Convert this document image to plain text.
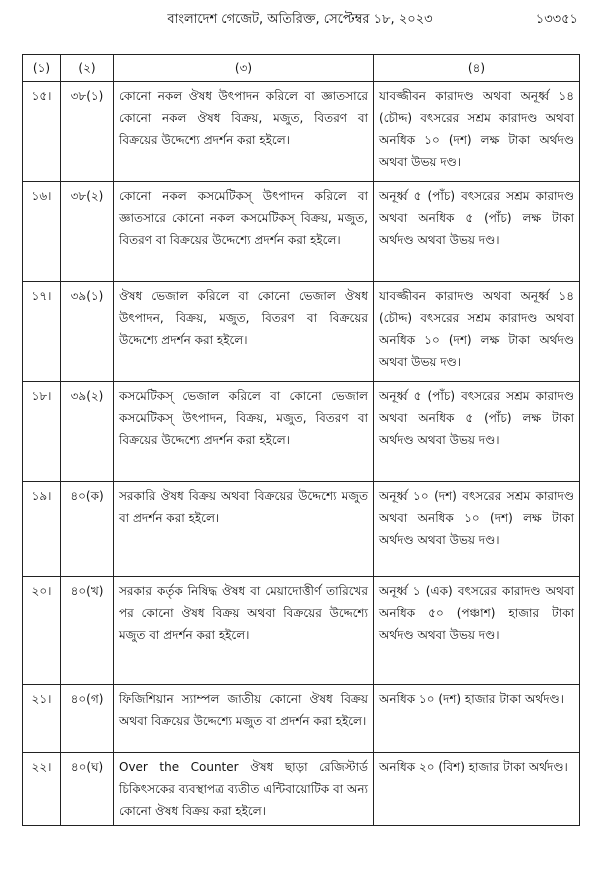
বাংলাদেশ গেজেট, অতিরিক্ত, সেপ্টেম্বর ১৮, ২০২৩	১৩৩৫১
(১)	(২)	(৩)	(৪)
১৫।	৩৮(১)	কোনো নকল ঔষধ উৎপাদন করিলে বা জ্ঞাতসারে কোনো নকল ঔষধ বিক্রয়, মজুত, বিতরণ বা বিক্রয়ের উদ্দেশ্যে প্রদর্শন করা হইলে।	যাবজ্জীবন কারাদণ্ড অথবা অনূর্ধ্ব ১৪ (চৌদ্দ) বৎসরের সশ্রম কারাদণ্ড অথবা অনধিক ১০ (দশ) লক্ষ টাকা অর্থদণ্ড অথবা উভয় দণ্ড।
১৬।	৩৮(২)	কোনো নকল কসমেটিকস্ উৎপাদন করিলে বা জ্ঞাতসারে কোনো নকল কসমেটিকস্ বিক্রয়, মজুত, বিতরণ বা বিক্রয়ের উদ্দেশ্যে প্রদর্শন করা হইলে।	অনূর্ধ্ব ৫ (পাঁচ) বৎসরের সশ্রম কারাদণ্ড অথবা অনধিক ৫ (পাঁচ) লক্ষ টাকা অর্থদণ্ড অথবা উভয় দণ্ড।
১৭।	৩৯(১)	ঔষধ ভেজাল করিলে বা কোনো ভেজাল ঔষধ উৎপাদন, বিক্রয়, মজুত, বিতরণ বা বিক্রয়ের উদ্দেশ্যে প্রদর্শন করা হইলে।	যাবজ্জীবন কারাদণ্ড অথবা অনূর্ধ্ব ১৪ (চৌদ্দ) বৎসরের সশ্রম কারাদণ্ড অথবা অনধিক ১০ (দশ) লক্ষ টাকা অর্থদণ্ড অথবা উভয় দণ্ড।
১৮।	৩৯(২)	কসমেটিকস্ ভেজাল করিলে বা কোনো ভেজাল কসমেটিকস্ উৎপাদন, বিক্রয়, মজুত, বিতরণ বা বিক্রয়ের উদ্দেশ্যে প্রদর্শন করা হইলে।	অনূর্ধ্ব ৫ (পাঁচ) বৎসরের সশ্রম কারাদণ্ড অথবা অনধিক ৫ (পাঁচ) লক্ষ টাকা অর্থদণ্ড অথবা উভয় দণ্ড।
১৯।	৪০(ক)	সরকারি ঔষধ বিক্রয় অথবা বিক্রয়ের উদ্দেশ্যে মজুত বা প্রদর্শন করা হইলে।	অনূর্ধ্ব ১০ (দশ) বৎসরের সশ্রম কারাদণ্ড অথবা অনধিক ১০ (দশ) লক্ষ টাকা অর্থদণ্ড অথবা উভয় দণ্ড।
২০।	৪০(খ)	সরকার কর্তৃক নিষিদ্ধ ঔষধ বা মেয়াদোত্তীর্ণ তারিখের পর কোনো ঔষধ বিক্রয় অথবা বিক্রয়ের উদ্দেশ্যে মজুত বা প্রদর্শন করা হইলে।	অনূর্ধ্ব ১ (এক) বৎসরের কারাদণ্ড অথবা অনধিক ৫০ (পঞ্চাশ) হাজার টাকা অর্থদণ্ড অথবা উভয় দণ্ড।
২১।	৪০(গ)	ফিজিশিয়ান স্যাম্পল জাতীয় কোনো ঔষধ বিক্রয় অথবা বিক্রয়ের উদ্দেশ্যে মজুত বা প্রদর্শন করা হইলে।	অনধিক ১০ (দশ) হাজার টাকা অর্থদণ্ড।
২২।	৪০(ঘ)	Over the Counter ঔষধ ছাড়া রেজিস্টার্ড চিকিৎসকের ব্যবস্থাপত্র ব্যতীত এন্টিবায়োটিক বা অন্য কোনো ঔষধ বিক্রয় করা হইলে।	অনধিক ২০ (বিশ) হাজার টাকা অর্থদণ্ড।
